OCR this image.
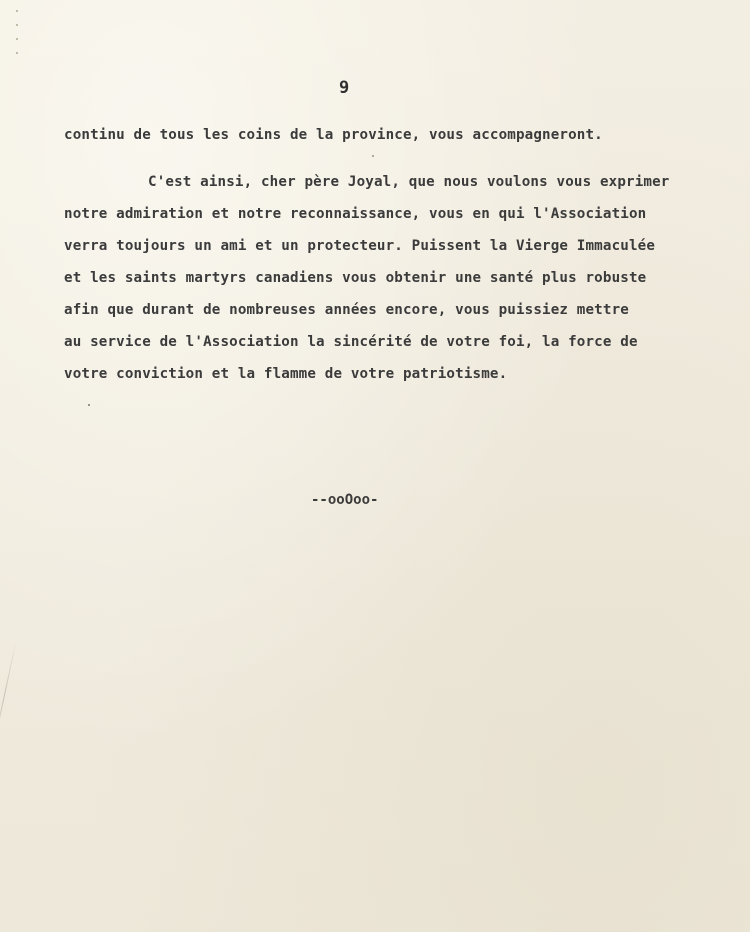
9
continu de tous les coins de la province, vous accompagneront.
C'est ainsi, cher père Joyal, que nous voulons vous exprimer
notre admiration et notre reconnaissance, vous en qui l'Association
verra toujours un ami et un protecteur. Puissent la Vierge Immaculée
et les saints martyrs canadiens vous obtenir une santé plus robuste
afin que durant de nombreuses années encore, vous puissiez mettre
au service de l'Association la sincérité de votre foi, la force de
votre conviction et la flamme de votre patriotisme.
--ooOoo-
